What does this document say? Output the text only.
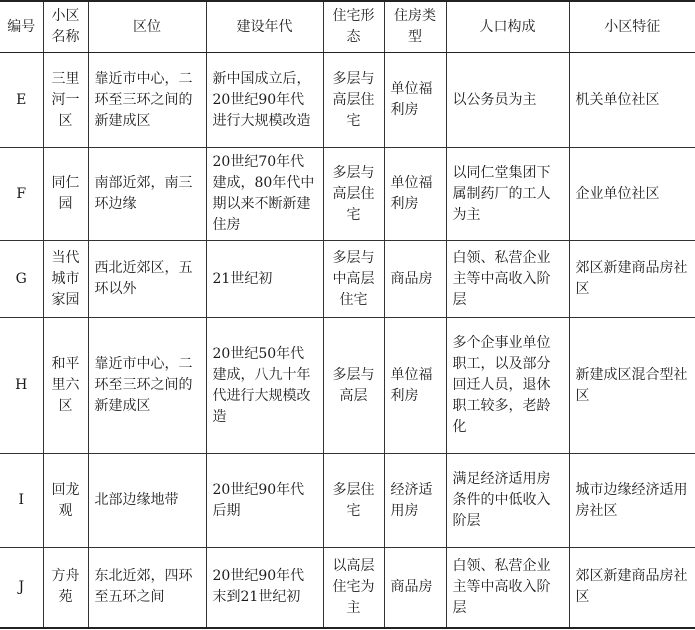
编号	小区名称	区位	建设年代	住宅形态	住房类型	人口构成	小区特征
E	三里河一区	靠近市中心，二环至三环之间的新建成区	新中国成立后，20世纪90年代进行大规模改造	多层与高层住宅	单位福利房	以公务员为主	机关单位社区
F	同仁园	南部近郊，南三环边缘	20世纪70年代建成，80年代中期以来不断新建住房	多层与高层住宅	单位福利房	以同仁堂集团下属制药厂的工人为主	企业单位社区
G	当代城市家园	西北近郊区，五环以外	21世纪初	多层与中高层住宅	商品房	白领、私营企业主等中高收入阶层	郊区新建商品房社区
H	和平里六区	靠近市中心，二环至三环之间的新建成区	20世纪50年代建成，八九十年代进行大规模改造	多层与高层	单位福利房	多个企事业单位职工，以及部分回迁人员，退休职工较多，老龄化	新建成区混合型社区
I	回龙观	北部边缘地带	20世纪90年代后期	多层住宅	经济适用房	满足经济适用房条件的中低收入阶层	城市边缘经济适用房社区
J	方舟苑	东北近郊，四环至五环之间	20世纪90年代末到21世纪初	以高层住宅为主	商品房	白领、私营企业主等中高收入阶层	郊区新建商品房社区
